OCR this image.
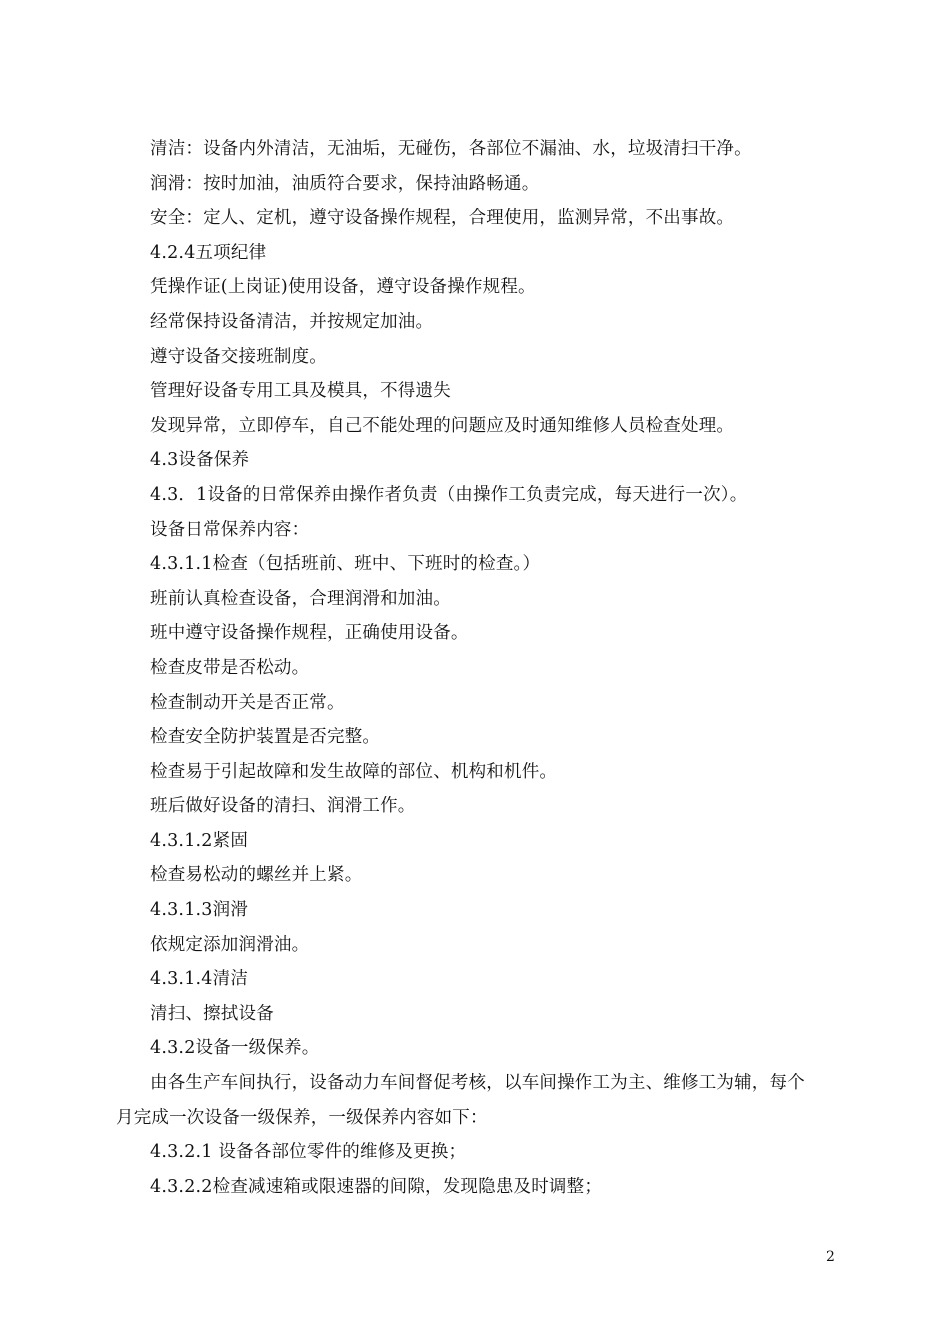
清洁：设备内外清洁，无油垢，无碰伤，各部位不漏油、水，垃圾清扫干净。
润滑：按时加油，油质符合要求，保持油路畅通。
安全：定人、定机，遵守设备操作规程，合理使用，监测异常，不出事故。
4.2.4五项纪律
凭操作证(上岗证)使用设备，遵守设备操作规程。
经常保持设备清洁，并按规定加油。
遵守设备交接班制度。
管理好设备专用工具及模具，不得遗失
发现异常，立即停车，自己不能处理的问题应及时通知维修人员检查处理。
4.3设备保养
4.3．1设备的日常保养由操作者负责（由操作工负责完成，每天进行一次）。
设备日常保养内容：
4.3.1.1检查（包括班前、班中、下班时的检查。）
班前认真检查设备，合理润滑和加油。
班中遵守设备操作规程，正确使用设备。
检查皮带是否松动。
检查制动开关是否正常。
检查安全防护装置是否完整。
检查易于引起故障和发生故障的部位、机构和机件。
班后做好设备的清扫、润滑工作。
4.3.1.2紧固
检查易松动的螺丝并上紧。
4.3.1.3润滑
依规定添加润滑油。
4.3.1.4清洁
清扫、擦拭设备
4.3.2设备一级保养。
由各生产车间执行，设备动力车间督促考核，以车间操作工为主、维修工为辅，每个
月完成一次设备一级保养，一级保养内容如下：
4.3.2.1 设备各部位零件的维修及更换；
4.3.2.2检查减速箱或限速器的间隙，发现隐患及时调整；
2
